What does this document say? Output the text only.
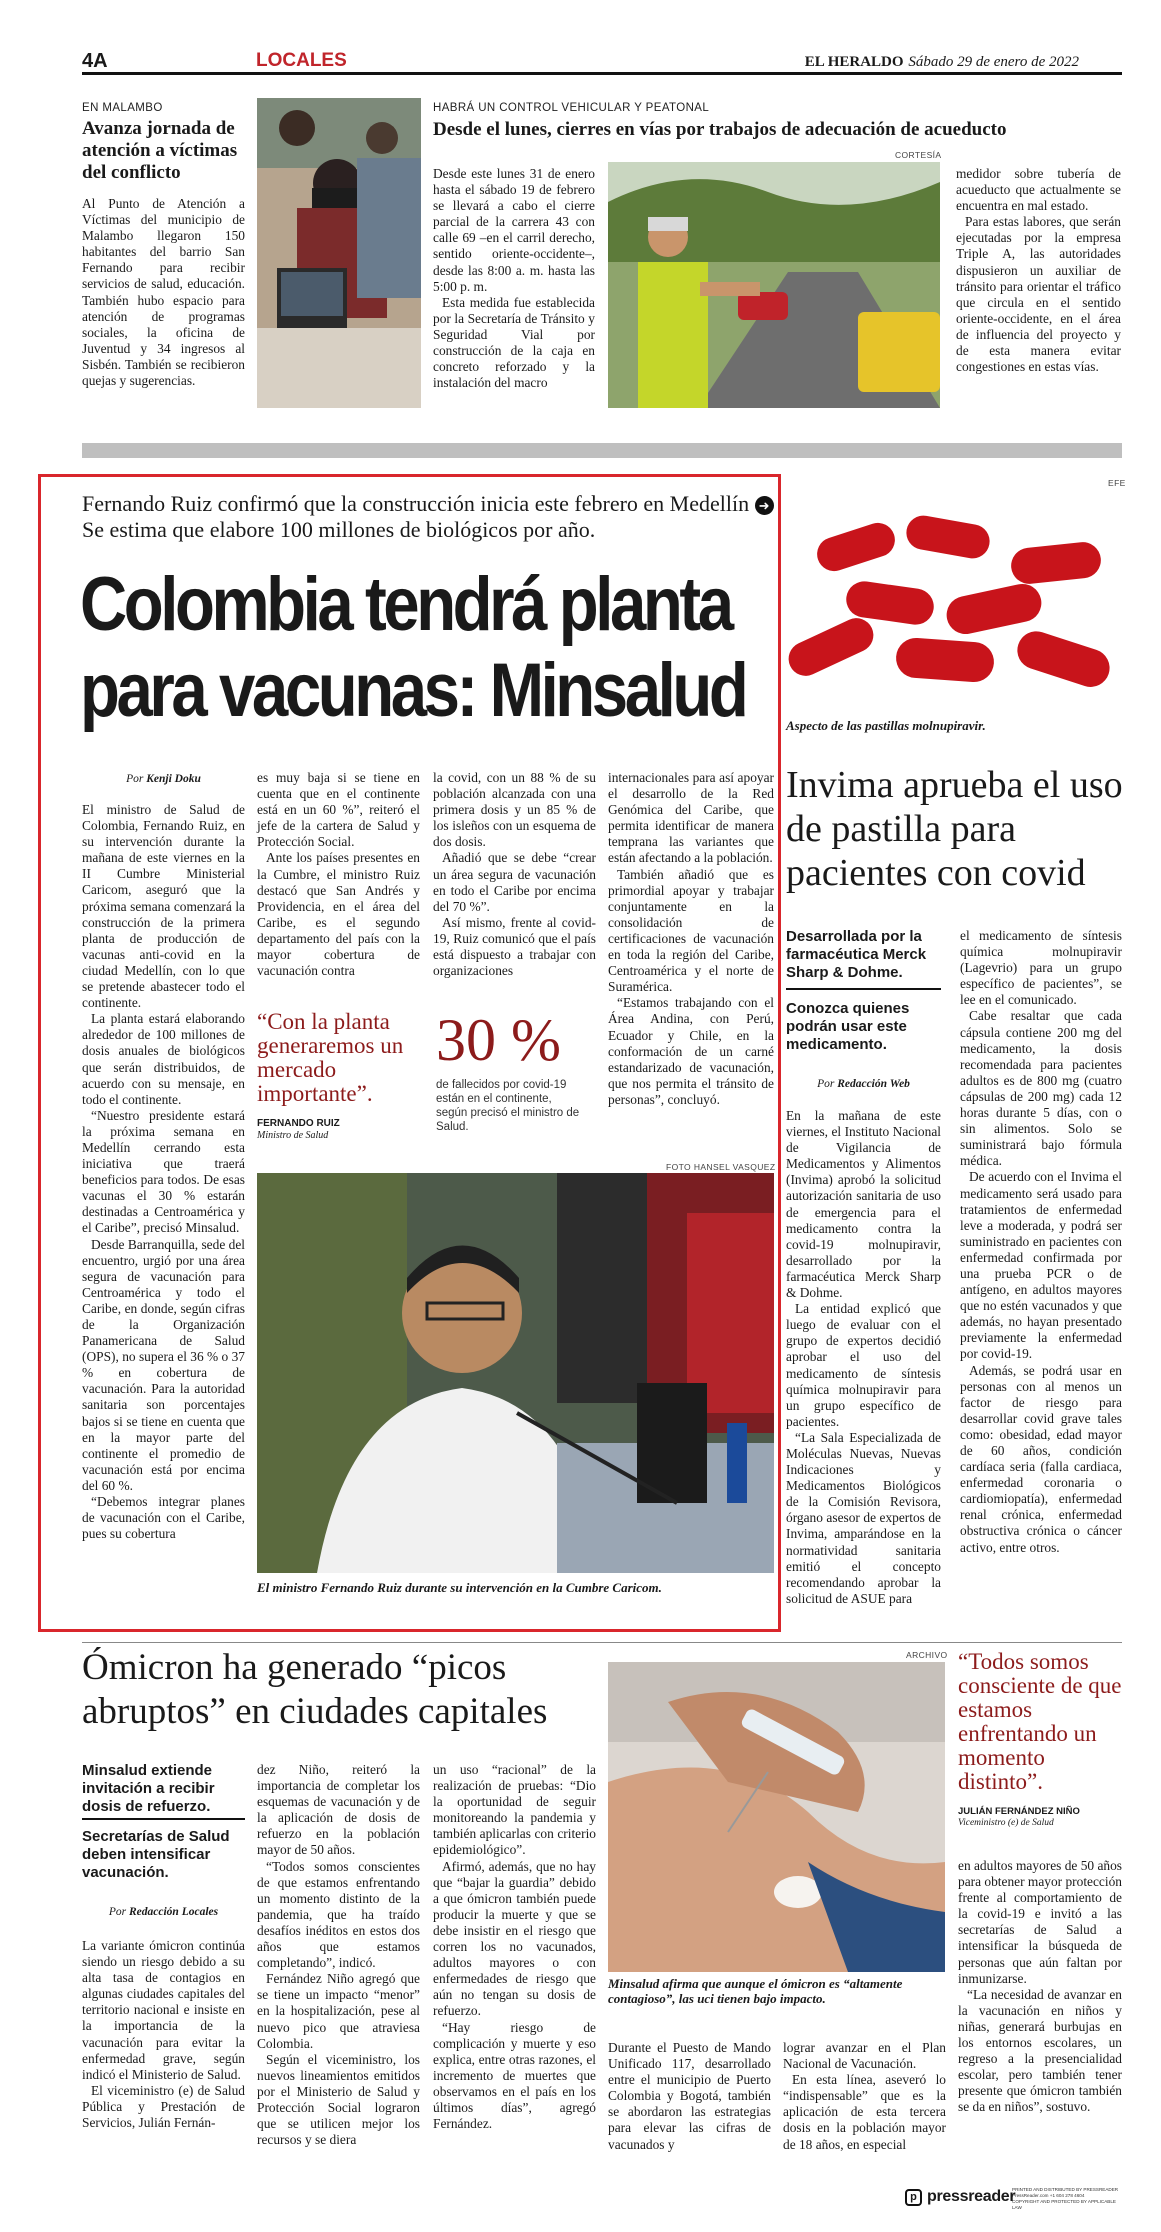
4A	LOCALES	EL HERALDO Sábado 29 de enero de 2022
EN MALAMBO
Avanza jornada de atención a víctimas del conflicto

Al Punto de Atención a Víctimas del municipio de Malambo llegaron 150 habitantes del barrio San Fernando para recibir servicios de salud, educación. También hubo espacio para atención de programas sociales, la oficina de Juventud y 34 ingresos al Sisbén. También se recibieron quejas y sugerencias.

HABRÁ UN CONTROL VEHICULAR Y PEATONAL
Desde el lunes, cierres en vías por trabajos de adecuación de acueducto

Desde este lunes 31 de enero hasta el sábado 19 de febrero se llevará a cabo el cierre parcial de la carrera 43 con calle 69 –en el carril derecho, sentido oriente-occidente–, desde las 8:00 a. m. hasta las 5:00 p. m.

Esta medida fue establecida por la Secretaría de Tránsito y Seguridad Vial por construcción de la caja en concreto reforzado y la instalación del macro

CORTESÍA

medidor sobre tubería de acueducto que actualmente se encuentra en mal estado.

Para estas labores, que serán ejecutadas por la empresa Triple A, las autoridades dispusieron un auxiliar de tránsito para orientar el tráfico que circula en el sentido oriente-occidente, en el área de influencia del proyecto y de esta manera evitar congestiones en estas vías.

Fernando Ruiz confirmó que la construcción inicia este febrero en Medellín ➜ Se estima que elabore 100 millones de biológicos por año.
Colombia tendrá planta
para vacunas: Minsalud
Por Kenji Doku

El ministro de Salud de Colombia, Fernando Ruiz, en su intervención durante la mañana de este viernes en la II Cumbre Ministerial Caricom, aseguró que la próxima semana comenzará la construcción de la primera planta de producción de vacunas anti-covid en la ciudad Medellín, con lo que se pretende abastecer todo el continente.

La planta estará elaborando alrededor de 100 millones de dosis anuales de biológicos que serán distribuidos, de acuerdo con su mensaje, en todo el continente.

“Nuestro presidente estará la próxima semana en Medellín cerrando esta iniciativa que traerá beneficios para todos. De esas vacunas el 30 % estarán destinadas a Centroamérica y el Caribe”, precisó Minsalud.

Desde Barranquilla, sede del encuentro, urgió por una área segura de vacunación para Centroamérica y todo el Caribe, en donde, según cifras de la Organización Panamericana de Salud (OPS), no supera el 36 % o 37 % en cobertura de vacunación. Para la autoridad sanitaria son porcentajes bajos si se tiene en cuenta que en la mayor parte del continente el promedio de vacunación está por encima del 60 %.

“Debemos integrar planes de vacunación con el Caribe, pues su cobertura

es muy baja si se tiene en cuenta que en el continente está en un 60 %”, reiteró el jefe de la cartera de Salud y Protección Social.

Ante los países presentes en la Cumbre, el ministro Ruiz destacó que San Andrés y Providencia, en el área del Caribe, es el segundo departamento del país con la mayor cobertura de vacunación contra

la covid, con un 88 % de su población alcanzada con una primera dosis y un 85 % de los isleños con un esquema de dos dosis.

Añadió que se debe “crear un área segura de vacunación en todo el Caribe por encima del 70 %”.

Así mismo, frente al covid-19, Ruiz comunicó que el país está dispuesto a trabajar con organizaciones

internacionales para así apoyar el desarrollo de la Red Genómica del Caribe, que permita identificar de manera temprana las variantes que están afectando a la población.

También añadió que es primordial apoyar y trabajar conjuntamente en la consolidación de certificaciones de vacunación en toda la región del Caribe, Centroamérica y el norte de Suramérica.

“Estamos trabajando con el Área Andina, con Perú, Ecuador y Chile, en la conformación de un carné estandarizado de vacunación, que nos permita el tránsito de personas”, concluyó.

“Con la planta generaremos un mercado importante”.
FERNANDO RUIZ
Ministro de Salud
30 %
de fallecidos por covid-19 están en el continente, según precisó el ministro de Salud.
FOTO HANSEL VASQUEZ
El ministro Fernando Ruiz durante su intervención en la Cumbre Caricom.
EFE
Aspecto de las pastillas molnupiravir.
Invima aprueba el uso de pastilla para pacientes con covid
Desarrollada por la farmacéutica Merck Sharp & Dohme.
Conozca quienes podrán usar este medicamento.
Por Redacción Web

En la mañana de este viernes, el Instituto Nacional de Vigilancia de Medicamentos y Alimentos (Invima) aprobó la solicitud autorización sanitaria de uso de emergencia para el medicamento contra la covid-19 molnupiravir, desarrollado por la farmacéutica Merck Sharp & Dohme.

La entidad explicó que luego de evaluar con el grupo de expertos decidió aprobar el uso del medicamento de síntesis química molnupiravir para un grupo específico de pacientes.

“La Sala Especializada de Moléculas Nuevas, Nuevas Indicaciones y Medicamentos Biológicos de la Comisión Revisora, órgano asesor de expertos de Invima, amparándose en la normatividad sanitaria emitió el concepto recomendando aprobar la solicitud de ASUE para

el medicamento de síntesis química molnupiravir (Lagevrio) para un grupo específico de pacientes”, se lee en el comunicado.

Cabe resaltar que cada cápsula contiene 200 mg del medicamento, la dosis recomendada para pacientes adultos es de 800 mg (cuatro cápsulas de 200 mg) cada 12 horas durante 5 días, con o sin alimentos. Solo se suministrará bajo fórmula médica.

De acuerdo con el Invima el medicamento será usado para tratamientos de enfermedad leve a moderada, y podrá ser suministrado en pacientes con enfermedad confirmada por una prueba PCR o de antígeno, en adultos mayores que no estén vacunados y que además, no hayan presentado previamente la enfermedad por covid-19.

Además, se podrá usar en personas con al menos un factor de riesgo para desarrollar covid grave tales como: obesidad, edad mayor de 60 años, condición cardíaca seria (falla cardiaca, enfermedad coronaria o cardiomiopatía), enfermedad renal crónica, enfermedad obstructiva crónica o cáncer activo, entre otros.

Ómicron ha generado “picos abruptos” en ciudades capitales
Minsalud extiende invitación a recibir dosis de refuerzo.
Secretarías de Salud deben intensificar vacunación.
Por Redacción Locales

La variante ómicron continúa siendo un riesgo debido a su alta tasa de contagios en algunas ciudades capitales del territorio nacional e insiste en la importancia de la vacunación para evitar la enfermedad grave, según indicó el Ministerio de Salud.

El viceministro (e) de Salud Pública y Prestación de Servicios, Julián Fernán-

dez Niño, reiteró la importancia de completar los esquemas de vacunación y de la aplicación de dosis de refuerzo en la población mayor de 50 años.

“Todos somos conscientes de que estamos enfrentando un momento distinto de la pandemia, que ha traído desafíos inéditos en estos dos años que estamos completando”, indicó.

Fernández Niño agregó que se tiene un impacto “menor” en la hospitalización, pese al nuevo pico que atraviesa Colombia.

Según el viceministro, los nuevos lineamientos emitidos por el Ministerio de Salud y Protección Social lograron que se utilicen mejor los recursos y se diera

un uso “racional” de la realización de pruebas: “Dio la oportunidad de seguir monitoreando la pandemia y también aplicarlas con criterio epidemiológico”.

Afirmó, además, que no hay que “bajar la guardia” debido a que ómicron también puede producir la muerte y que se debe insistir en el riesgo que corren los no vacunados, adultos mayores o con enfermedades de riesgo que aún no tengan su dosis de refuerzo.

“Hay riesgo de complicación y muerte y eso explica, entre otras razones, el incremento de muertes que observamos en el país en los últimos días”, agregó Fernández.

ARCHIVO
Minsalud afirma que aunque el ómicron es “altamente contagioso”, las uci tienen bajo impacto.

Durante el Puesto de Mando Unificado 117, desarrollado entre el municipio de Puerto Colombia y Bogotá, también se abordaron las estrategias para elevar las cifras de vacunados y

lograr avanzar en el Plan Nacional de Vacunación.

En esta línea, aseveró lo “indispensable” que es la aplicación de esta tercera dosis en la población mayor de 18 años, en especial

“Todos somos consciente de que estamos enfrentando un momento distinto”.
JULIÁN FERNÁNDEZ NIÑO
Viceministro (e) de Salud

en adultos mayores de 50 años para obtener mayor protección frente al comportamiento de la covid-19 e invitó a las secretarías de Salud a intensificar la búsqueda de personas que aún faltan por inmunizarse.

“La necesidad de avanzar en la vacunación en niños y niñas, generará burbujas en los entornos escolares, un regreso a la presencialidad escolar, pero también tener presente que ómicron también se da en niños”, sostuvo.

p pressreader
PRINTED AND DISTRIBUTED BY PRESSREADER
PressReader.com +1 604 278 4604
COPYRIGHT AND PROTECTED BY APPLICABLE LAW
